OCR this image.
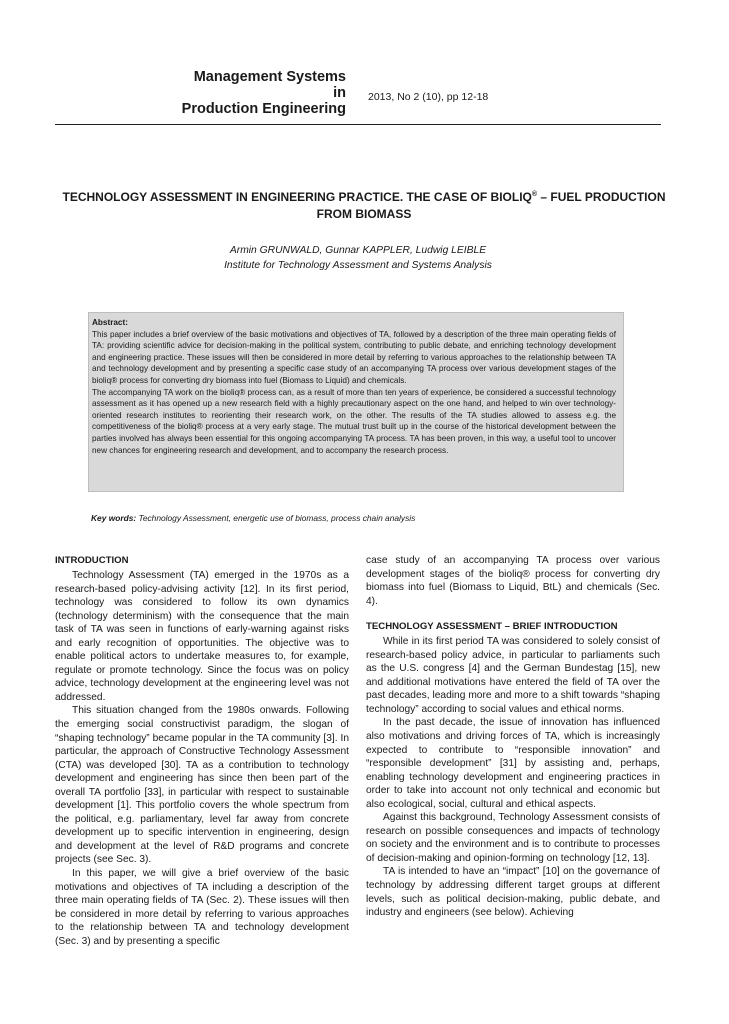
Management Systems
in
Production Engineering
2013, No 2 (10), pp 12-18
TECHNOLOGY ASSESSMENT IN ENGINEERING PRACTICE. THE CASE OF BIOLIQ® – FUEL PRODUCTION FROM BIOMASS
Armin GRUNWALD, Gunnar KAPPLER, Ludwig LEIBLE
Institute for Technology Assessment and Systems Analysis
Abstract:

This paper includes a brief overview of the basic motivations and objectives of TA, followed by a description of the three main operating fields of TA: providing scientific advice for decision-making in the political system, contributing to public debate, and enriching technology development and engineering practice. These issues will then be considered in more detail by referring to various approaches to the relationship between TA and technology development and by presenting a specific case study of an accompanying TA process over various development stages of the bioliq® process for converting dry biomass into fuel (Biomass to Liquid) and chemicals.

The accompanying TA work on the bioliq® process can, as a result of more than ten years of experience, be considered a successful technology assessment as it has opened up a new research field with a highly precautionary aspect on the one hand, and helped to win over technology-oriented research institutes to reorienting their research work, on the other. The results of the TA studies allowed to assess e.g. the competitiveness of the bioliq® process at a very early stage. The mutual trust built up in the course of the historical development between the parties involved has always been essential for this ongoing accompanying TA process. TA has been proven, in this way, a useful tool to uncover new chances for engineering research and development, and to accompany the research process.

Key words: Technology Assessment, energetic use of biomass, process chain analysis
INTRODUCTION

Technology Assessment (TA) emerged in the 1970s as a research-based policy-advising activity [12]. In its first period, technology was considered to follow its own dynamics (technology determinism) with the consequence that the main task of TA was seen in functions of early-warning against risks and early recognition of opportunities. The objective was to enable political actors to undertake measures to, for example, regulate or promote technology. Since the focus was on policy advice, technology development at the engineering level was not addressed.

This situation changed from the 1980s onwards. Following the emerging social constructivist paradigm, the slogan of “shaping technology” became popular in the TA community [3]. In particular, the approach of Constructive Technology Assessment (CTA) was developed [30]. TA as a contribution to technology development and engineering has since then been part of the overall TA portfolio [33], in particular with respect to sustainable development [1]. This portfolio covers the whole spectrum from the political, e.g. parliamentary, level far away from concrete development up to specific intervention in engineering, design and development at the level of R&D programs and concrete projects (see Sec. 3).

In this paper, we will give a brief overview of the basic motivations and objectives of TA including a description of the three main operating fields of TA (Sec. 2). These issues will then be considered in more detail by referring to various approaches to the relationship between TA and technology development (Sec. 3) and by presenting a specific

case study of an accompanying TA process over various development stages of the bioliq® process for converting dry biomass into fuel (Biomass to Liquid, BtL) and chemicals (Sec. 4).

TECHNOLOGY ASSESSMENT – BRIEF INTRODUCTION

While in its first period TA was considered to solely consist of research-based policy advice, in particular to parliaments such as the U.S. congress [4] and the German Bundestag [15], new and additional motivations have entered the field of TA over the past decades, leading more and more to a shift towards “shaping technology” according to social values and ethical norms.

In the past decade, the issue of innovation has influenced also motivations and driving forces of TA, which is increasingly expected to contribute to “responsible innovation” and “responsible development” [31] by assisting and, perhaps, enabling technology development and engineering practices in order to take into account not only technical and economic but also ecological, social, cultural and ethical aspects.

Against this background, Technology Assessment consists of research on possible consequences and impacts of technology on society and the environment and is to contribute to processes of decision-making and opinion-forming on technology [12, 13].

TA is intended to have an “impact” [10] on the governance of technology by addressing different target groups at different levels, such as political decision-making, public debate, and industry and engineers (see below). Achieving
